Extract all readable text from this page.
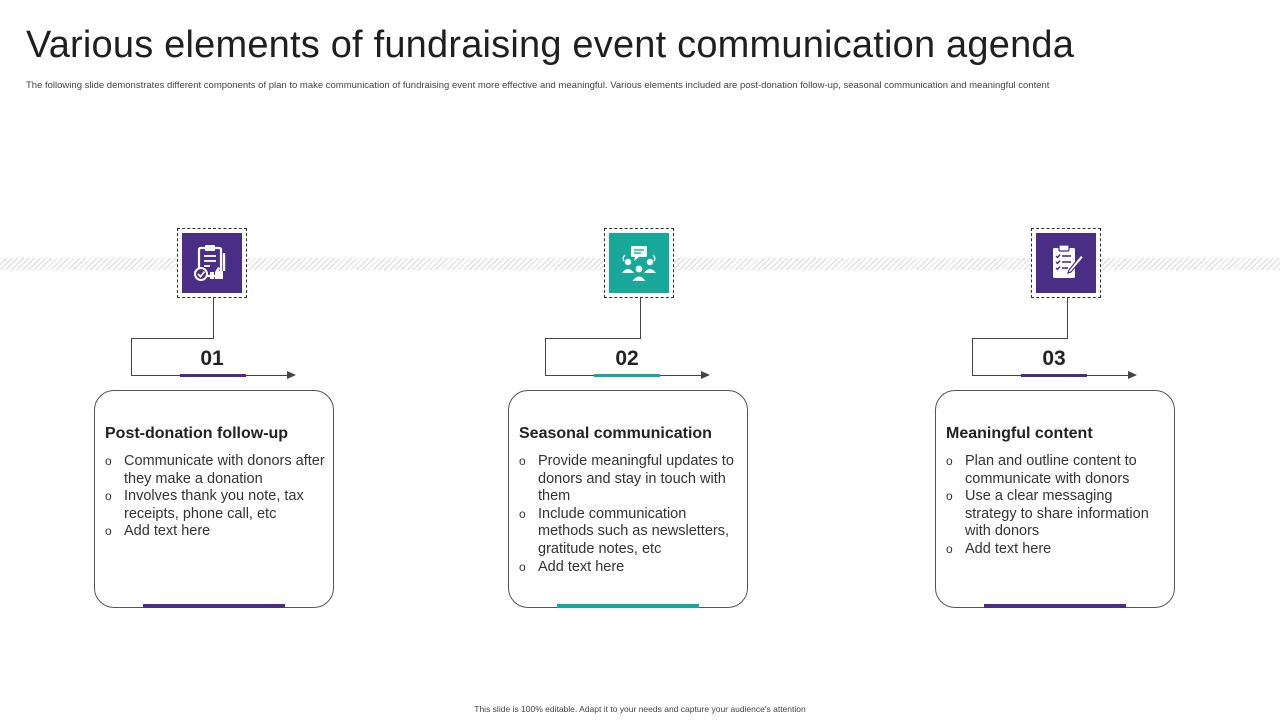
Various elements of fundraising event communication agenda
The following slide demonstrates different components of plan to make communication of fundraising event more effective and meaningful. Various elements included are post-donation follow-up, seasonal communication and meaningful content
01
Post-donation follow-up
o Communicate with donors after they make a donation
o Involves thank you note, tax receipts, phone call, etc
o Add text here
02
Seasonal communication
o Provide meaningful updates to donors and stay in touch with them
o Include communication methods such as newsletters, gratitude notes, etc
o Add text here
03
Meaningful content
o Plan and outline content to communicate with donors
o Use a clear messaging strategy to share information with donors
o Add text here
This slide is 100% editable. Adapt it to your needs and capture your audience's attention
